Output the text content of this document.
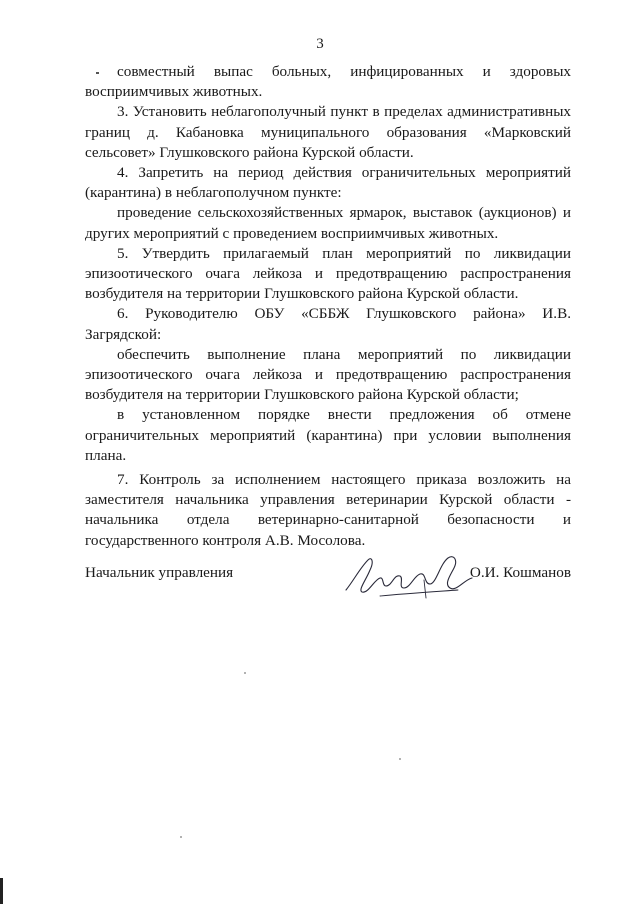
3

совместный выпас больных, инфицированных и здоровых восприимчивых животных.

3. Установить неблагополучный пункт в пределах административных границ д. Кабановка муниципального образования «Марковский сельсовет» Глушковского района Курской области.

4. Запретить на период действия ограничительных мероприятий (карантина) в неблагополучном пункте:

проведение сельскохозяйственных ярмарок, выставок (аукционов) и других мероприятий с проведением восприимчивых животных.

5. Утвердить прилагаемый план мероприятий по ликвидации эпизоотического очага лейкоза и предотвращению распространения возбудителя на территории Глушковского района Курской области.

6. Руководителю ОБУ «СББЖ Глушковского района» И.В. Загрядской:

обеспечить выполнение плана мероприятий по ликвидации эпизоотического очага лейкоза и предотвращению распространения возбудителя на территории Глушковского района Курской области;

в установленном порядке внести предложения об отмене ограничительных мероприятий (карантина) при условии выполнения плана.

7. Контроль за исполнением настоящего приказа возложить на заместителя начальника управления ветеринарии Курской области - начальника отдела ветеринарно-санитарной безопасности и государственного контроля А.В. Мосолова.

Начальник управления	О.И. Кошманов
